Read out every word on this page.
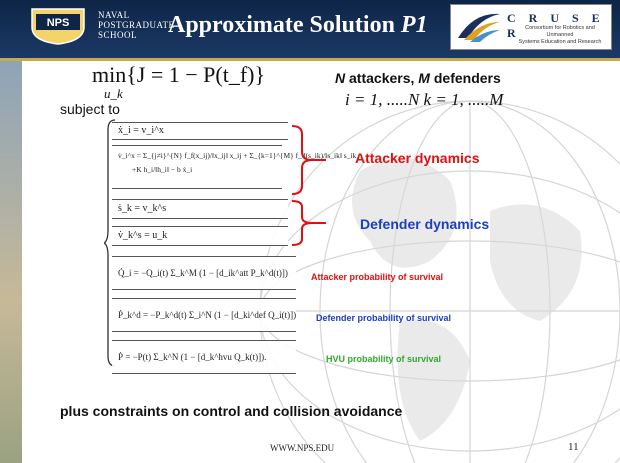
NPS
NAVAL
POSTGRADUATE
SCHOOL	Approximate Solution P1	C R U S E R Consortium for Robotics and Unmanned
Systems Education and Research
min{J = 1 − P(t_f)}
u_k
subject to
N attackers, M defenders
i = 1, .....N k = 1, .....M
ẋ_i = v_i^x
v̇_i^x = Σ_{j≠i}^{N} f_f(x_ij)/‖x_ij‖ x_ij + Σ_{k=1}^{M} f_d(s_ik)/‖s_ik‖ s_ik
+K h_i/‖h_i‖ − b ẋ_i
ṡ_k = v_k^s
v̇_k^s = u_k
Q̇_i = −Q_i(t) Σ_k^M (1 − [d_ik^att P_k^d(t)])
Ṗ_k^d = −P_k^d(t) Σ_i^N (1 − [d_ki^def Q_i(t)])
Ṗ = −P(t) Σ_k^N (1 − [d_k^hvu Q_k(t)]).
Attacker dynamics
Defender dynamics
Attacker probability of survival
Defender probability of survival
HVU probability of survival
plus constraints on control and collision avoidance
WWW.NPS.EDU	11
